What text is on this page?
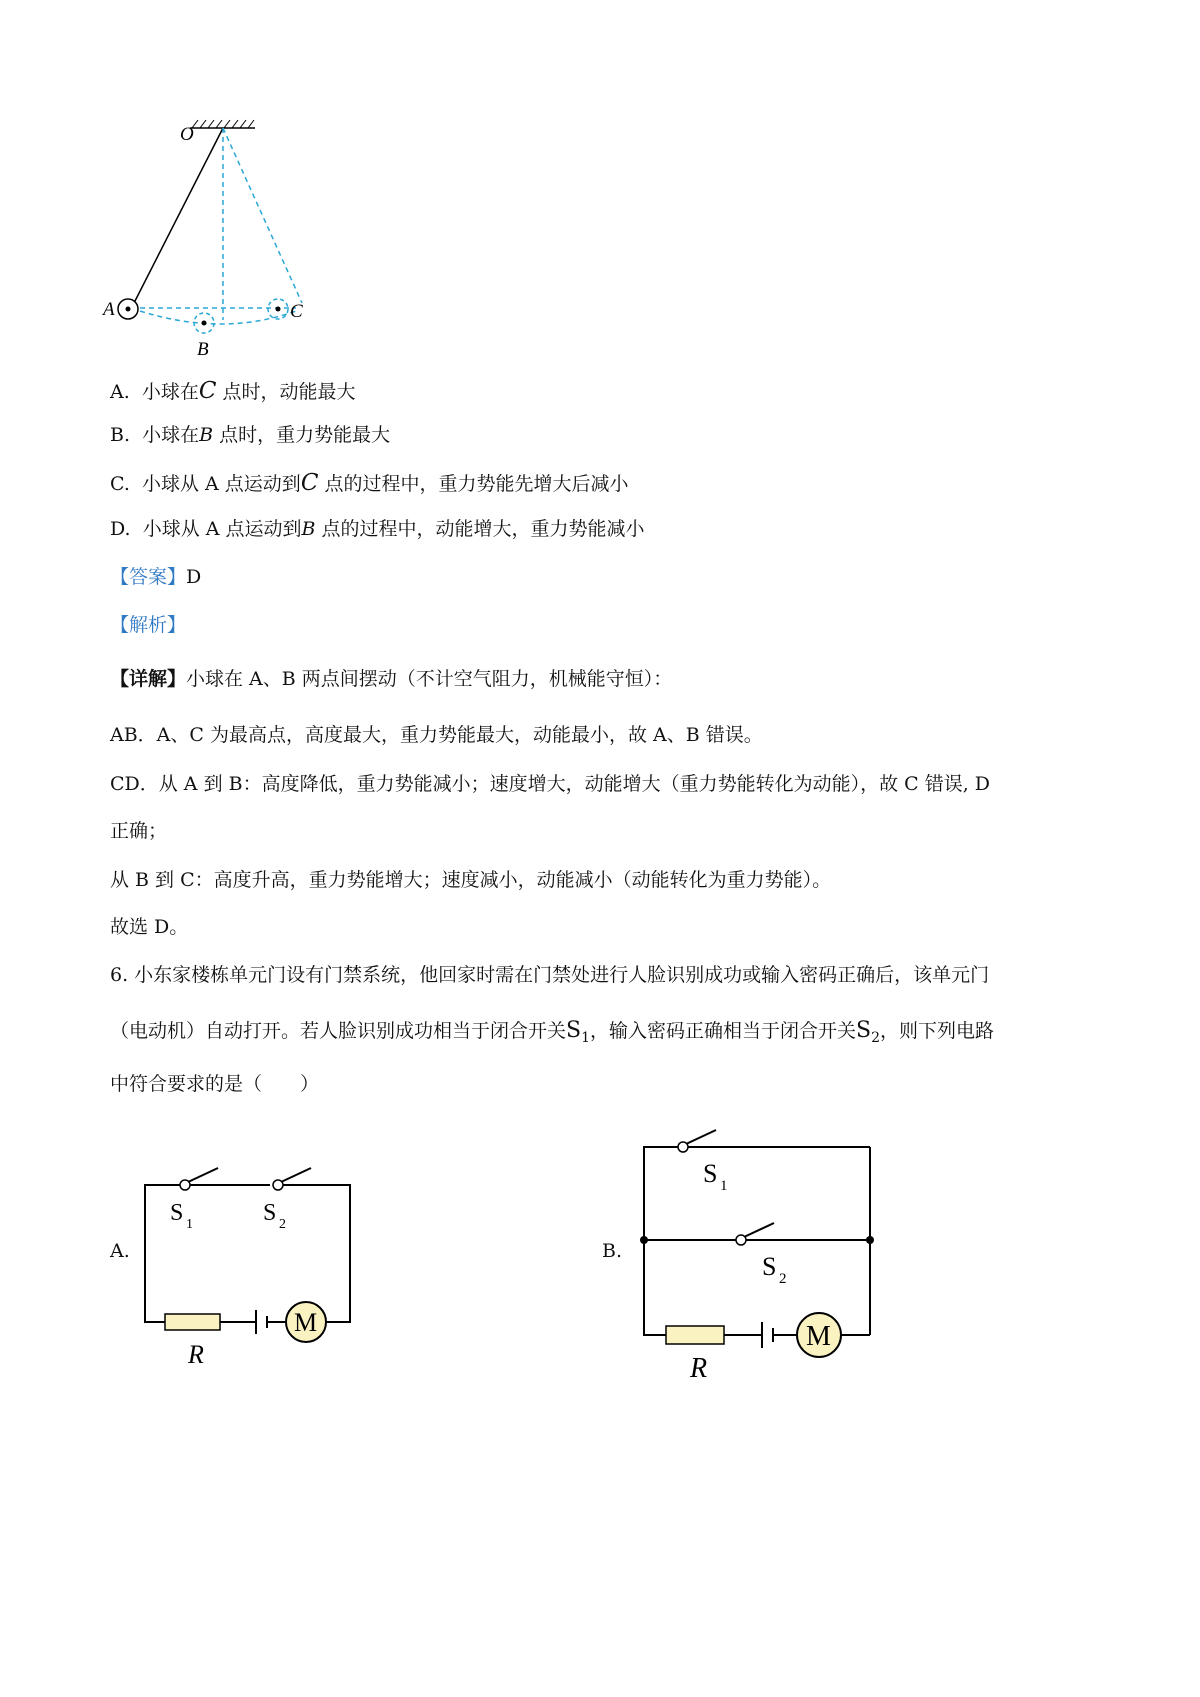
O
A
B
C
A. 小球在C 点时，动能最大
B. 小球在B 点时，重力势能最大
C. 小球从 A 点运动到C 点的过程中，重力势能先增大后减小
D. 小球从 A 点运动到B 点的过程中，动能增大，重力势能减小
【答案】D
【解析】
【详解】小球在 A、B 两点间摆动（不计空气阻力，机械能守恒）：
AB．A、C 为最高点，高度最大，重力势能最大，动能最小，故 A、B 错误。
CD．从 A 到 B：高度降低，重力势能减小；速度增大，动能增大（重力势能转化为动能），故 C 错误, D
正确；
从 B 到 C：高度升高，重力势能增大；速度减小，动能减小（动能转化为重力势能）。
故选 D。
6. 小东家楼栋单元门设有门禁系统，他回家时需在门禁处进行人脸识别成功或输入密码正确后，该单元门
（电动机）自动打开。若人脸识别成功相当于闭合开关$S_1$，输入密码正确相当于闭合开关$S_2$，则下列电路
中符合要求的是（　　）
A.
M
S 1	S 2
R
B.
M
S 1
S 2
R
